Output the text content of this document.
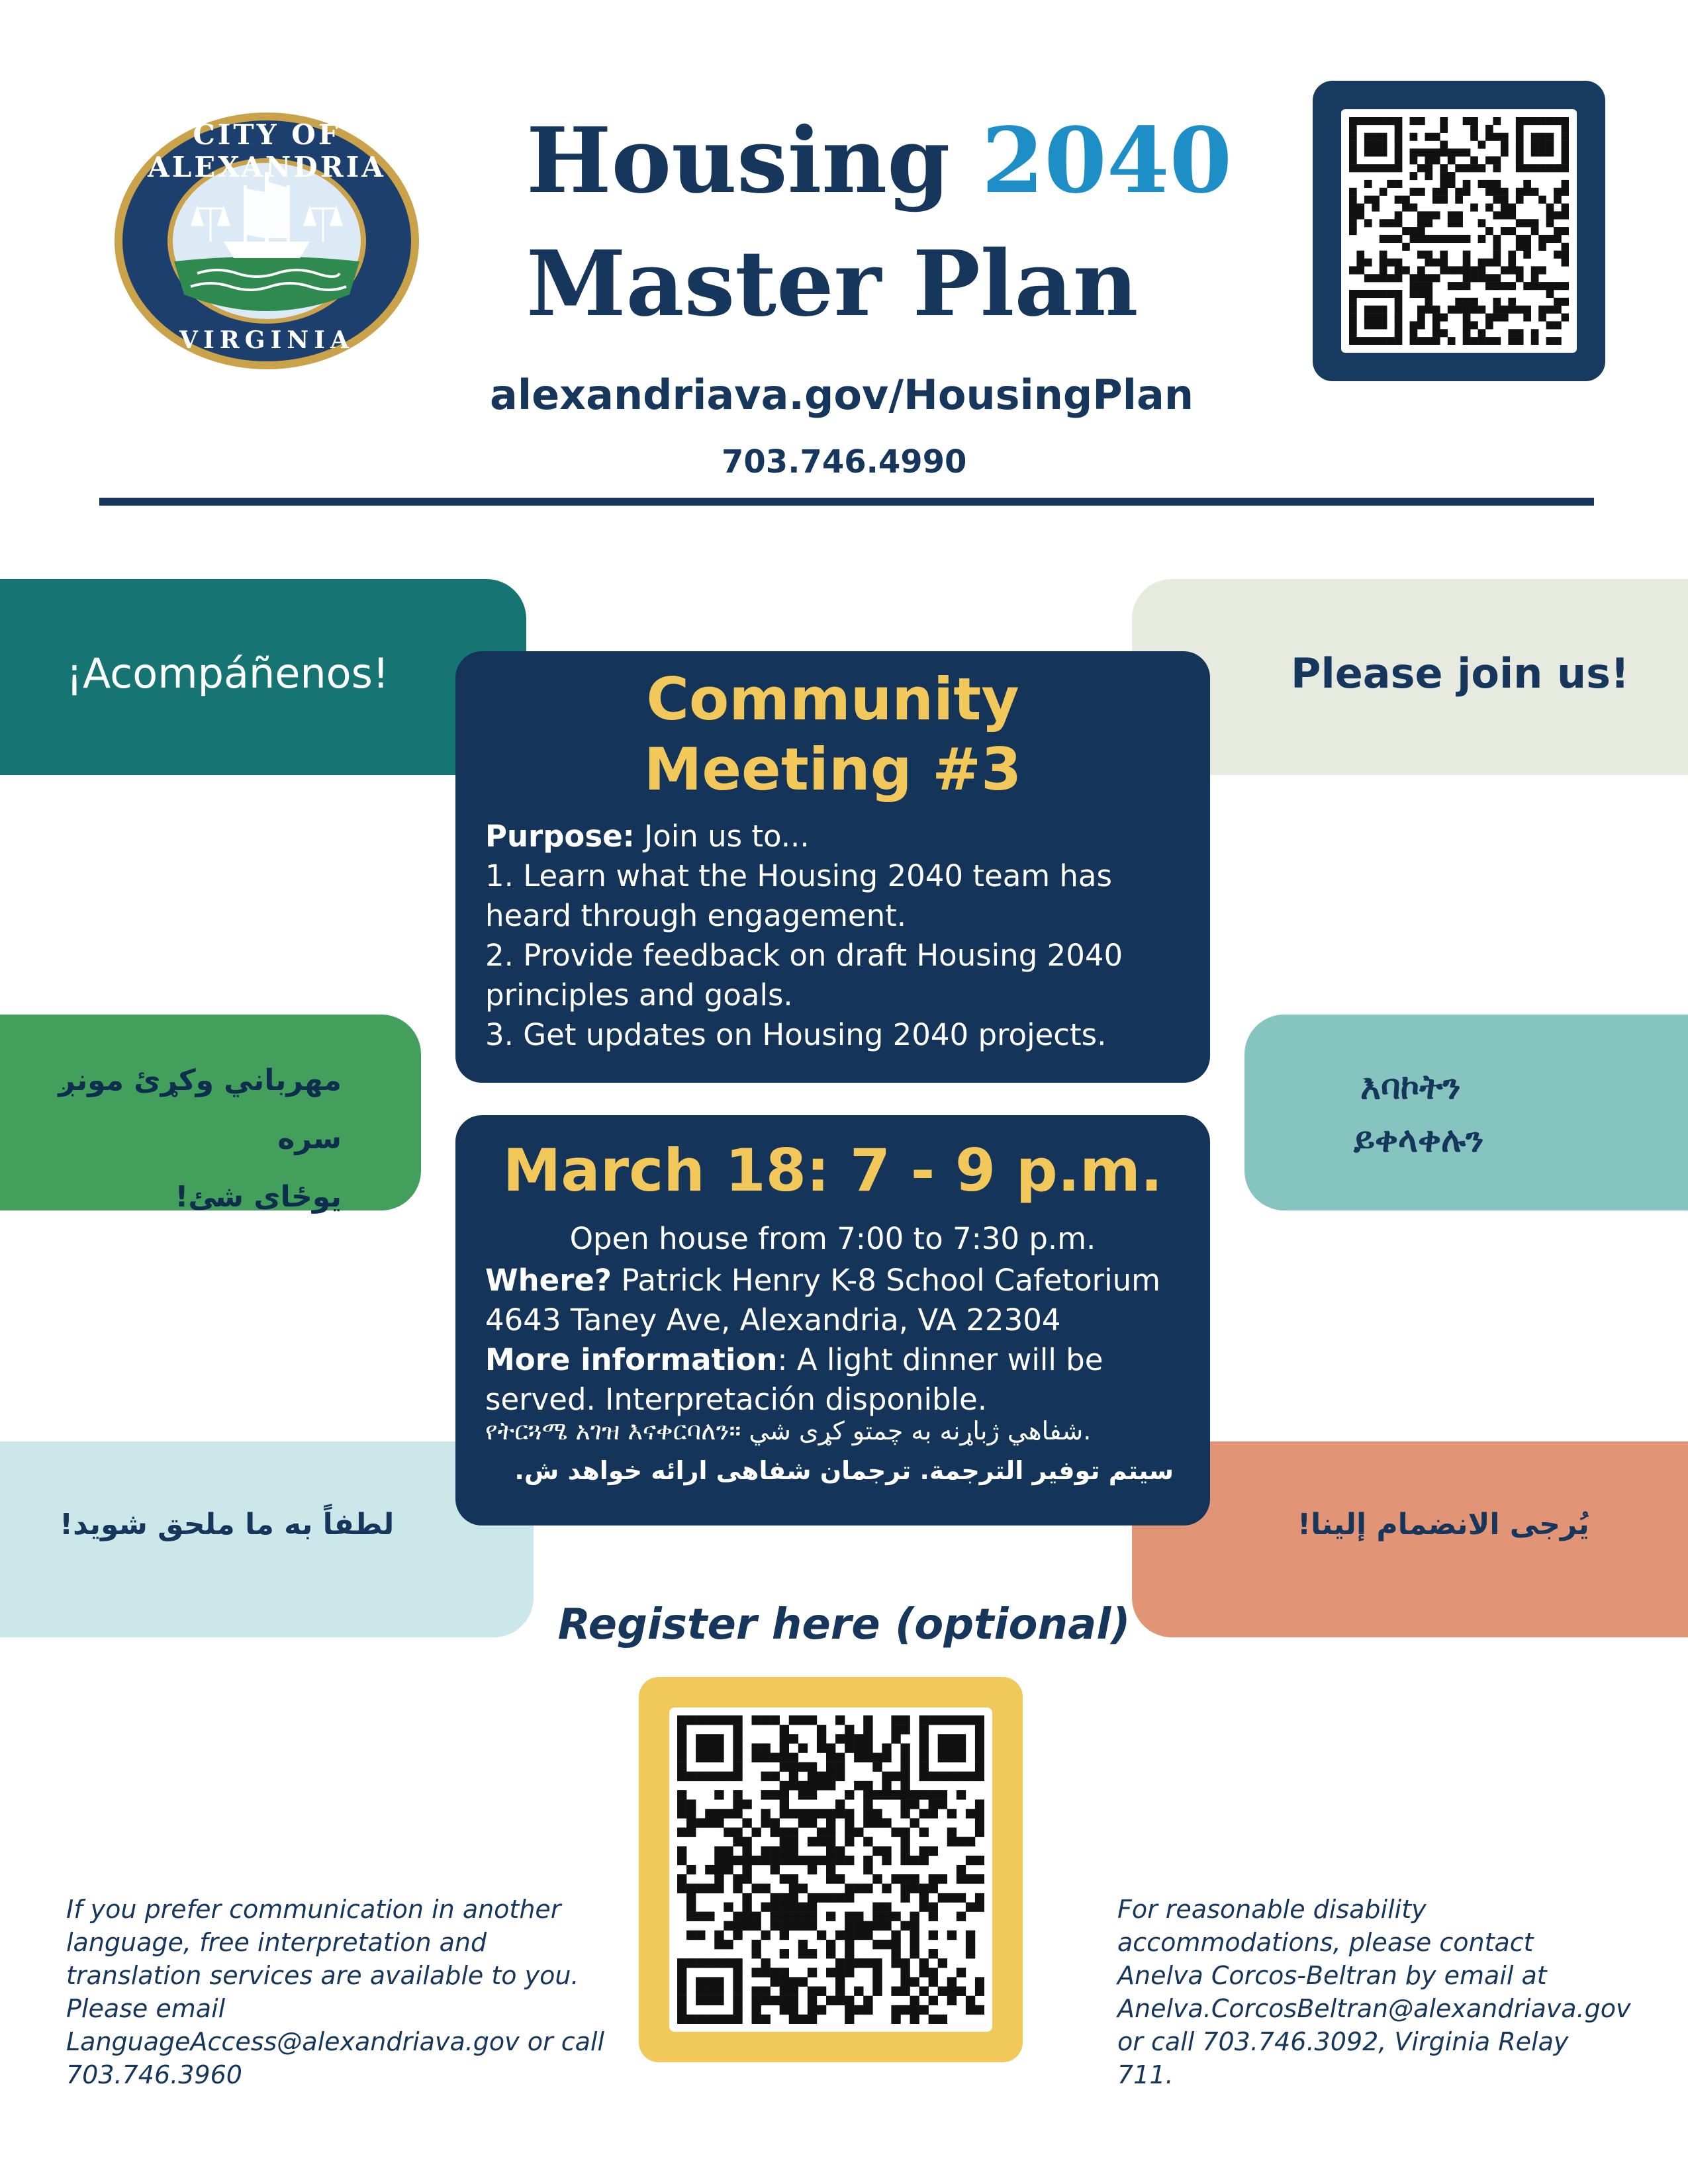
CITY OF ALEXANDRIA
VIRGINIA
Housing 2040
Master Plan
alexandriava.gov/HousingPlan
703.746.4990
¡Acompáñenos!	Please join us!
مهرباني وکړئ مونږ سره
يوځای شئ!
እባኮትን
ይቀላቀሉን
لطفاً به ما ملحق شوید!	يُرجى الانضمام إلينا!
Community
Meeting #3
Purpose: Join us to...
1. Learn what the Housing 2040 team has heard through engagement.
2. Provide feedback on draft Housing 2040 principles and goals.
3. Get updates on Housing 2040 projects.
March 18: 7 - 9 p.m.
Open house from 7:00 to 7:30 p.m.
Where? Patrick Henry K-8 School Cafetorium
4643 Taney Ave, Alexandria, VA 22304
More information: A light dinner will be served. Interpretación disponible.
የትርጓሜ አገዝ እናቀርባለን። شفاهي ژباړنه به چمتو کړی شي.
سیتم توفیر الترجمة. ترجمان شفاهی ارائه خواهد ش.
Register here (optional)
If you prefer communication in another language, free interpretation and translation services are available to you. Please email LanguageAccess@alexandriava.gov or call 703.746.3960
For reasonable disability accommodations, please contact Anelva Corcos-Beltran by email at Anelva.CorcosBeltran@alexandriava.gov or call 703.746.3092, Virginia Relay 711.
